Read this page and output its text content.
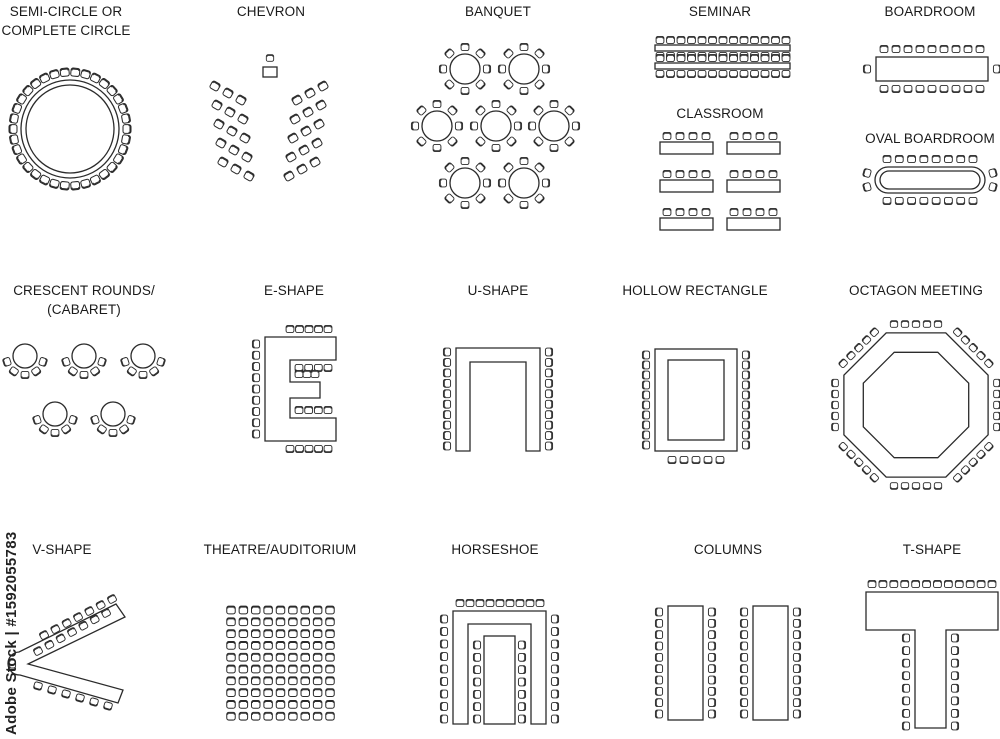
SEMI-CIRCLE OR
COMPLETE CIRCLE
CHEVRON	BANQUET	SEMINAR	BOARDROOM
CLASSROOM
OVAL BOARDROOM
CRESCENT ROUNDS/
(CABARET)
E-SHAPE	U-SHAPE	HOLLOW RECTANGLE	OCTAGON MEETING
V-SHAPE	THEATRE/AUDITORIUM	HORSESHOE	COLUMNS	T-SHAPE
Adobe Stock | #1592055783
